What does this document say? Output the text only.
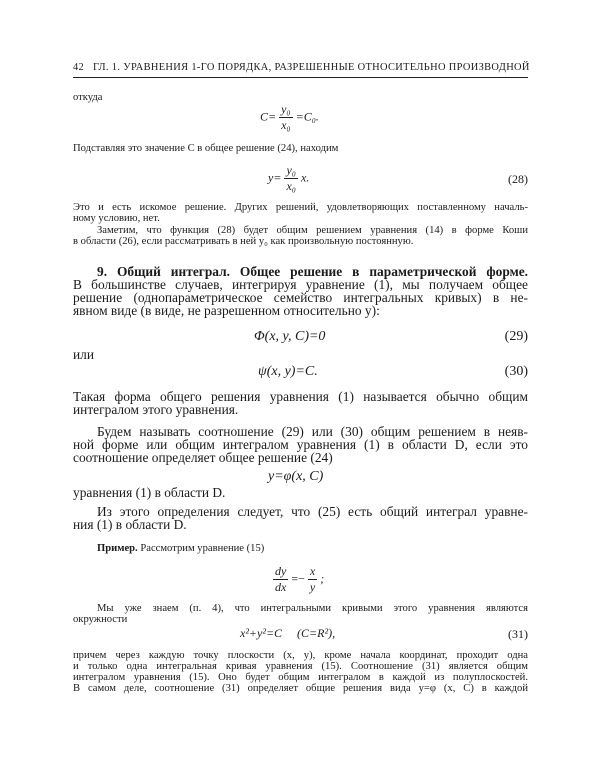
42 ГЛ. 1. УРАВНЕНИЯ 1-ГО ПОРЯДКА, РАЗРЕШЕННЫЕ ОТНОСИТЕЛЬНО ПРОИЗВОДНОЙ
откуда
$C= \frac{\text{y₀}}{\text{x₀}} =C_0$.
Подставляя это значение C в общее решение (24), находим
$y= \frac{\text{y₀}}{\text{x₀}} x$.	(28)
Это и есть искомое решение. Других решений, удовлетворяющих поставленному началь-
ному условию, нет.
Заметим, что функция (28) будет общим решением уравнения (14) в форме Коши
в области (26), если рассматривать в ней y₀ как произвольную постоянную.
9. Общий интеграл. Общее решение в параметрической форме.
В большинстве случаев, интегрируя уравнение (1), мы получаем общее
решение (однопараметрическое семейство интегральных кривых) в не-
явном виде (в виде, не разрешенном относительно y):
Φ(x, y, C)=0	(29)
или
ψ(x, y)=C.	(30)
Такая форма общего решения уравнения (1) называется обычно общим
интегралом этого уравнения.
Будем называть соотношение (29) или (30) общим решением в неяв-
ной форме или общим интегралом уравнения (1) в области D, если это
соотношение определяет общее решение (24)
y=φ(x, C)
уравнения (1) в области D.
Из этого определения следует, что (25) есть общий интеграл уравне-
ния (1) в области D.
Пример. Рассмотрим уравнение (15)
$\frac{dy}{dx} =- \frac{x}{y}$ ;
Мы уже знаем (п. 4), что интегральными кривыми этого уравнения являются
окружности
x²+y²=C     (C=R²),	(31)
причем через каждую точку плоскости (x, y), кроме начала координат, проходит одна
и только одна интегральная кривая уравнения (15). Соотношение (31) является общим
интегралом уравнения (15). Оно будет общим интегралом в каждой из полуплоскостей.
В самом деле, соотношение (31) определяет общие решения вида y=φ (x, C) в каждой
